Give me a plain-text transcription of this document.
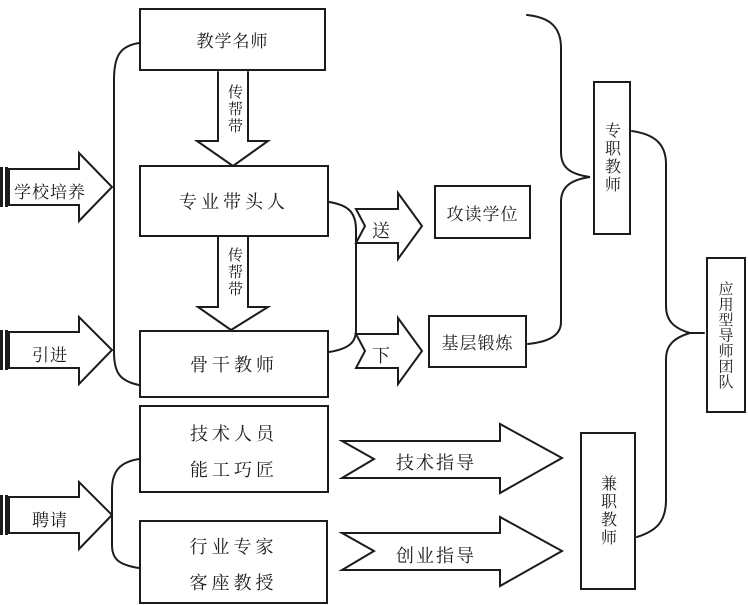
教学名师
专业带头人
骨干教师
技术人员
能工巧匠
行业专家
客座教授
攻读学位
基层锻炼
专职教师
兼职教师
应用型导师团队
传帮带
传帮带
学校培养
引进
聘请
送
下
技术指导
创业指导
